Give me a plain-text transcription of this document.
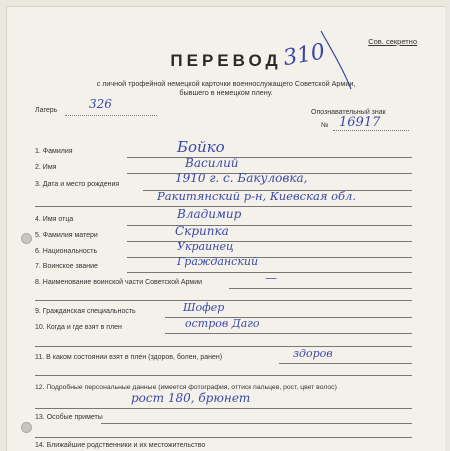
Сов. секретно
310
ПЕРЕВОД
с личной трофейной немецкой карточки военнослужащего Советской Армии,
бывшего в немецком плену.
Лагерь	326
Опознавательный знак
№ 16917
1. Фамилия	Бойко
2. Имя	Василий
3. Дата и место рождения	1910 г. с. Бакуловка,
Ракитянский р-н, Киевская обл.
4. Имя отца	Владимир
5. Фамилия матери	Скрипка
6. Национальность	Украинец
7. Воинское звание	Гражданский
8. Наименование воинской части Советской Армии	—
9. Гражданская специальность	Шофер
10. Когда и где взят в плен	остров Даго
11. В каком состоянии взят в плен (здоров, болен, ранен)	здоров
12. Подробные персональные данные (имеется фотография, оттиск пальцев, рост, цвет волос)
рост 180, брюнет
13. Особые приметы
14. Ближайшие родственники и их местожительство
